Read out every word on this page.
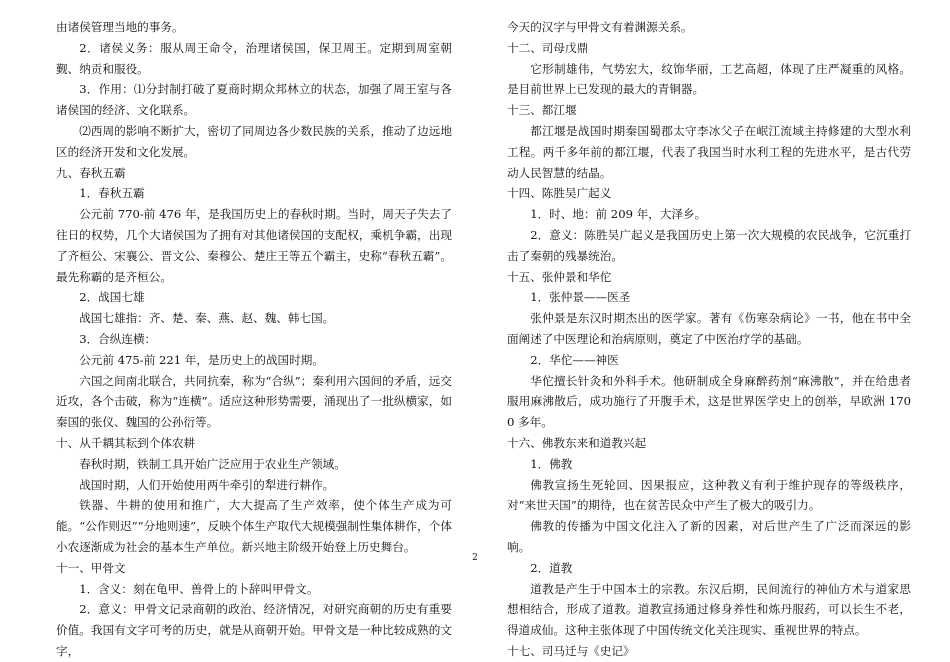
由诸侯管理当地的事务。

2．诸侯义务：服从周王命令，治理诸侯国，保卫周王。定期到周室朝觐、纳贡和服役。

3．作用：⑴分封制打破了夏商时期众邦林立的状态，加强了周王室与各诸侯国的经济、文化联系。

⑵西周的影响不断扩大，密切了同周边各少数民族的关系，推动了边远地区的经济开发和文化发展。

九、春秋五霸

1．春秋五霸

公元前 770-前 476 年，是我国历史上的春秋时期。当时，周天子失去了往日的权势，几个大诸侯国为了拥有对其他诸侯国的支配权，乘机争霸，出现了齐桓公、宋襄公、晋文公、秦穆公、楚庄王等五个霸主，史称“春秋五霸”。最先称霸的是齐桓公。

2．战国七雄

战国七雄指：齐、楚、秦、燕、赵、魏、韩七国。

3．合纵连横：

公元前 475-前 221 年，是历史上的战国时期。

六国之间南北联合，共同抗秦，称为“合纵”；秦利用六国间的矛盾，远交近攻，各个击破，称为“连横”。适应这种形势需要，涌现出了一批纵横家，如秦国的张仪、魏国的公孙衍等。

十、从千耦其耘到个体农耕

春秋时期，铁制工具开始广泛应用于农业生产领域。

战国时期，人们开始使用两牛牵引的犁进行耕作。

铁器、牛耕的使用和推广，大大提高了生产效率，使个体生产成为可能。“公作则迟”“分地则速”，反映个体生产取代大规模强制性集体耕作，个体小农逐渐成为社会的基本生产单位。新兴地主阶级开始登上历史舞台。

十一、甲骨文

1．含义：刻在龟甲、兽骨上的卜辞叫甲骨文。

2．意义：甲骨文记录商朝的政治、经济情况，对研究商朝的历史有重要价值。我国有文字可考的历史，就是从商朝开始。甲骨文是一种比较成熟的文字，

今天的汉字与甲骨文有着渊源关系。

十二、司母戊鼎

它形制雄伟，气势宏大，纹饰华丽，工艺高超，体现了庄严凝重的风格。是目前世界上已发现的最大的青铜器。

十三、都江堰

都江堰是战国时期秦国蜀郡太守李冰父子在岷江流域主持修建的大型水利工程。两千多年前的都江堰，代表了我国当时水利工程的先进水平，是古代劳动人民智慧的结晶。

十四、陈胜吴广起义

1．时、地：前 209 年，大泽乡。

2．意义：陈胜吴广起义是我国历史上第一次大规模的农民战争，它沉重打击了秦朝的残暴统治。

十五、张仲景和华佗

1．张仲景——医圣

张仲景是东汉时期杰出的医学家。著有《伤寒杂病论》一书，他在书中全面阐述了中医理论和治病原则，奠定了中医治疗学的基础。

2．华佗——神医

华佗擅长针灸和外科手术。他研制成全身麻醉药剂“麻沸散”，并在给患者服用麻沸散后，成功施行了开腹手术，这是世界医学史上的创举，早欧洲 1700 多年。

十六、佛教东来和道教兴起

1．佛教

佛教宣扬生死轮回、因果报应，这种教义有利于维护现存的等级秩序，对“来世天国”的期待，也在贫苦民众中产生了极大的吸引力。

佛教的传播为中国文化注入了新的因素，对后世产生了广泛而深远的影响。

2．道教

道教是产生于中国本土的宗教。东汉后期，民间流行的神仙方术与道家思想相结合，形成了道教。道教宣扬通过修身养性和炼丹服药，可以长生不老，得道成仙。这种主张体现了中国传统文化关注现实、重视世界的特点。

十七、司马迁与《史记》

2
